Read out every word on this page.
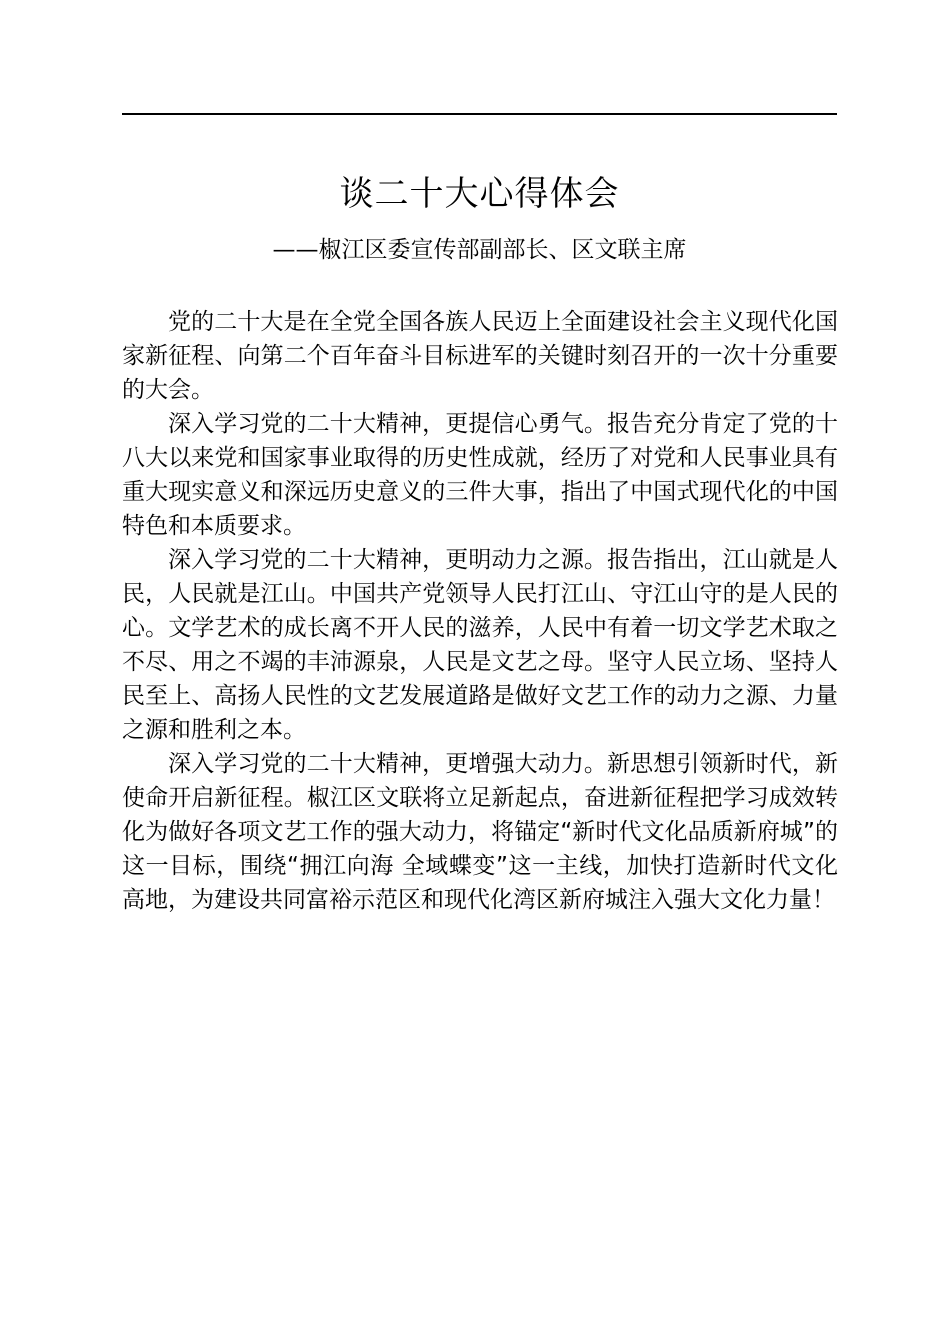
谈二十大心得体会
——椒江区委宣传部副部长、区文联主席

党的二十大是在全党全国各族人民迈上全面建设社会主义现代化国家新征程、向第二个百年奋斗目标进军的关键时刻召开的一次十分重要的大会。

深入学习党的二十大精神，更提信心勇气。报告充分肯定了党的十八大以来党和国家事业取得的历史性成就，经历了对党和人民事业具有重大现实意义和深远历史意义的三件大事，指出了中国式现代化的中国特色和本质要求。

深入学习党的二十大精神，更明动力之源。报告指出，江山就是人民，人民就是江山。中国共产党领导人民打江山、守江山守的是人民的心。文学艺术的成长离不开人民的滋养，人民中有着一切文学艺术取之不尽、用之不竭的丰沛源泉，人民是文艺之母。坚守人民立场、坚持人民至上、高扬人民性的文艺发展道路是做好文艺工作的动力之源、力量之源和胜利之本。

深入学习党的二十大精神，更增强大动力。新思想引领新时代，新使命开启新征程。椒江区文联将立足新起点，奋进新征程把学习成效转化为做好各项文艺工作的强大动力，将锚定“新时代文化品质新府城”的这一目标，围绕“拥江向海 全域蝶变”这一主线，加快打造新时代文化高地，为建设共同富裕示范区和现代化湾区新府城注入强大文化力量！
